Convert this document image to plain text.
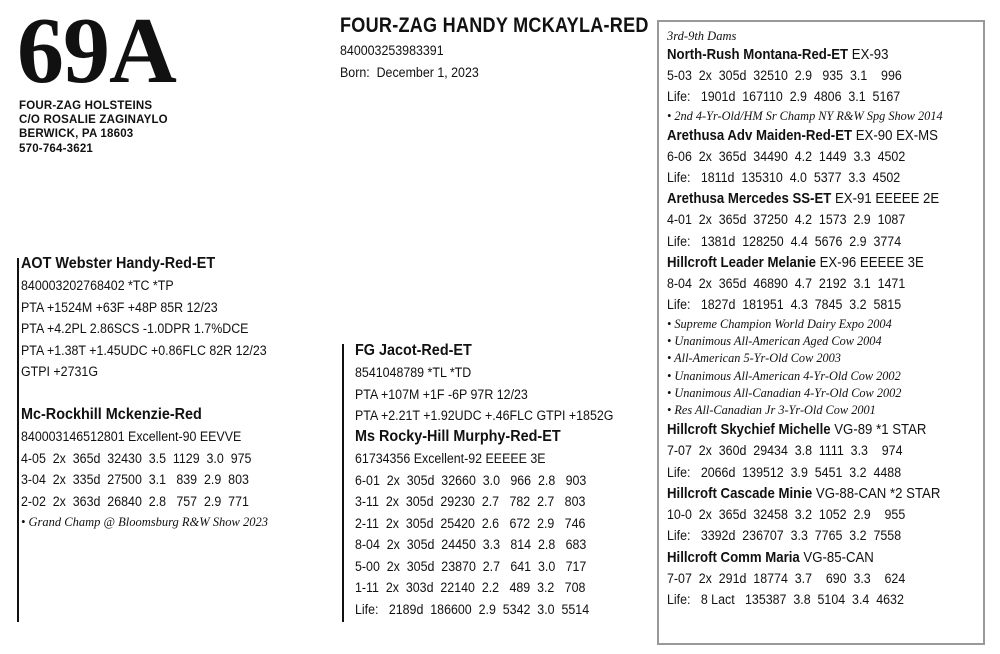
69A
FOUR-ZAG HOLSTEINS
C/O ROSALIE ZAGINAYLO
BERWICK, PA 18603
570-764-3621
FOUR-ZAG HANDY MCKAYLA-RED
840003253983391
Born:  December 1, 2023
AOT Webster Handy-Red-ET
840003202768402 *TC *TP
PTA +1524M +63F +48P 85R 12/23
PTA +4.2PL 2.86SCS -1.0DPR 1.7%DCE
PTA +1.38T +1.45UDC +0.86FLC 82R 12/23
GTPI +2731G
Mc-Rockhill Mckenzie-Red
840003146512801 Excellent-90 EEVVE
4-05  2x  365d  32430  3.5  1129  3.0  975
3-04  2x  335d  27500  3.1   839  2.9  803
2-02  2x  363d  26840  2.8   757  2.9  771
• Grand Champ @ Bloomsburg R&W Show 2023
FG Jacot-Red-ET
8541048789 *TL *TD
PTA +107M +1F -6P 97R 12/23
PTA +2.21T +1.92UDC +.46FLC GTPI +1852G
Ms Rocky-Hill Murphy-Red-ET
61734356 Excellent-92 EEEEE 3E
6-01  2x  305d  32660  3.0   966  2.8   903
3-11  2x  305d  29230  2.7   782  2.7   803
2-11  2x  305d  25420  2.6   672  2.9   746
8-04  2x  305d  24450  3.3   814  2.8   683
5-00  2x  305d  23870  2.7   641  3.0   717
1-11  2x  303d  22140  2.2   489  3.2   708
Life:   2189d  186600  2.9  5342  3.0  5514
3rd-9th Dams
North-Rush Montana-Red-ET EX-93
5-03  2x  305d  32510  2.9   935  3.1    996
Life:   1901d  167110  2.9  4806  3.1  5167
• 2nd 4-Yr-Old/HM Sr Champ NY R&W Spg Show 2014
Arethusa Adv Maiden-Red-ET EX-90 EX-MS
6-06  2x  365d  34490  4.2  1449  3.3  4502
Life:   1811d  135310  4.0  5377  3.3  4502
Arethusa Mercedes SS-ET EX-91 EEEEE 2E
4-01  2x  365d  37250  4.2  1573  2.9  1087
Life:   1381d  128250  4.4  5676  2.9  3774
Hillcroft Leader Melanie EX-96 EEEEE 3E
8-04  2x  365d  46890  4.7  2192  3.1  1471
Life:   1827d  181951  4.3  7845  3.2  5815
• Supreme Champion World Dairy Expo 2004
• Unanimous All-American Aged Cow 2004
• All-American 5-Yr-Old Cow 2003
• Unanimous All-American 4-Yr-Old Cow 2002
• Unanimous All-Canadian 4-Yr-Old Cow 2002
• Res All-Canadian Jr 3-Yr-Old Cow 2001
Hillcroft Skychief Michelle VG-89 *1 STAR
7-07  2x  360d  29434  3.8  1111  3.3    974
Life:   2066d  139512  3.9  5451  3.2  4488
Hillcroft Cascade Minie VG-88-CAN *2 STAR
10-0  2x  365d  32458  3.2  1052  2.9    955
Life:   3392d  236707  3.3  7765  3.2  7558
Hillcroft Comm Maria VG-85-CAN
7-07  2x  291d  18774  3.7    690  3.3    624
Life:   8 Lact   135387  3.8  5104  3.4  4632
